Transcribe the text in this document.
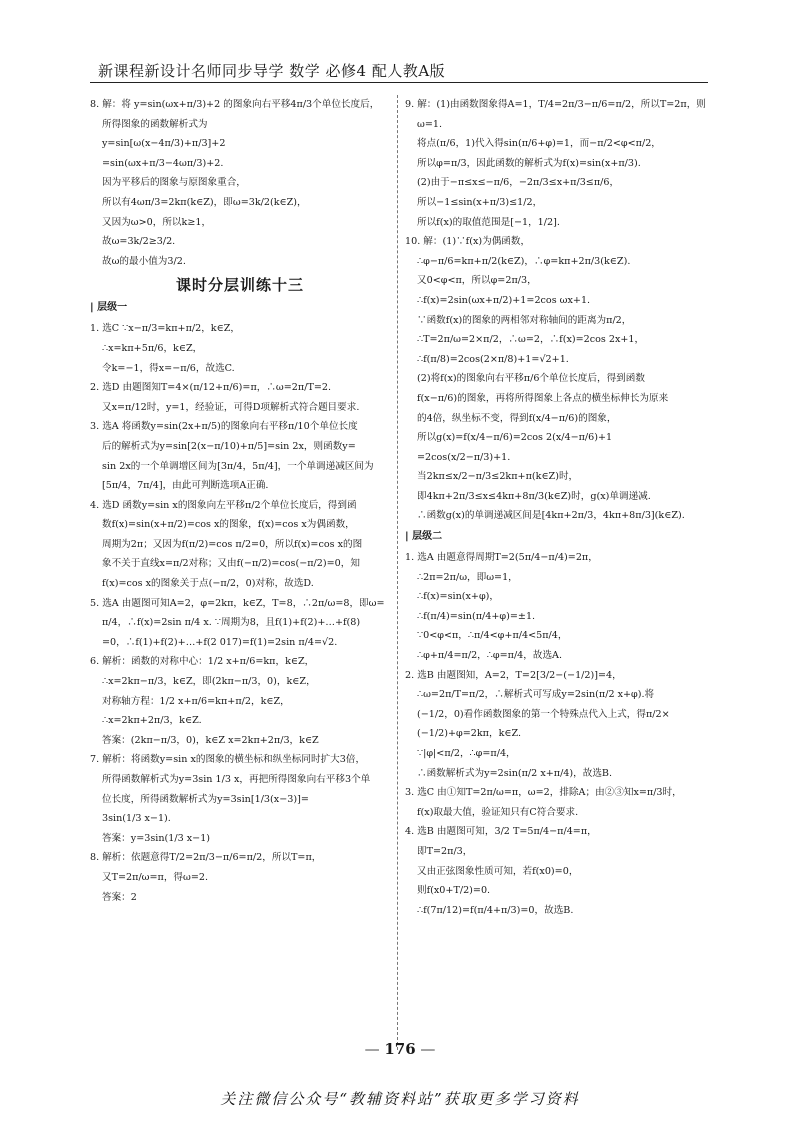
新课程新设计名师同步导学 数学 必修4 配人教A版
8. 解：将 y=sin(ωx+π/3)+2 的图象向右平移4π/3个单位长度后，
所得图象的函数解析式为
y=sin[ω(x−4π/3)+π/3]+2
=sin(ωx+π/3−4ωπ/3)+2.
因为平移后的图象与原图象重合，
所以有4ωπ/3=2kπ(k∈Z)，即ω=3k/2(k∈Z)，
又因为ω>0，所以k≥1，
故ω=3k/2≥3/2.
故ω的最小值为3/2.
课时分层训练十三
| 层级一
1. 选C ∵x−π/3=kπ+π/2，k∈Z，
∴x=kπ+5π/6，k∈Z，
令k=−1，得x=−π/6，故选C.
2. 选D 由题图知T=4×(π/12+π/6)=π，∴ω=2π/T=2.
又x=π/12时，y=1，经验证，可得D项解析式符合题目要求.
3. 选A 将函数y=sin(2x+π/5)的图象向右平移π/10个单位长度
后的解析式为y=sin[2(x−π/10)+π/5]=sin 2x，则函数y=
sin 2x的一个单调增区间为[3π/4，5π/4]，一个单调递减区间为
[5π/4，7π/4]，由此可判断选项A正确.
4. 选D 函数y=sin x的图象向左平移π/2个单位长度后，得到函
数f(x)=sin(x+π/2)=cos x的图象，f(x)=cos x为偶函数，
周期为2π；又因为f(π/2)=cos π/2=0，所以f(x)=cos x的图
象不关于直线x=π/2对称；又由f(−π/2)=cos(−π/2)=0，知
f(x)=cos x的图象关于点(−π/2，0)对称，故选D.
5. 选A 由题图可知A=2，φ=2kπ，k∈Z，T=8，∴2π/ω=8，即ω=
π/4，∴f(x)=2sin π/4 x. ∵周期为8，且f(1)+f(2)+…+f(8)
=0，∴f(1)+f(2)+…+f(2 017)=f(1)=2sin π/4=√2.
6. 解析：函数的对称中心：1/2 x+π/6=kπ，k∈Z，
∴x=2kπ−π/3，k∈Z，即(2kπ−π/3，0)，k∈Z，
对称轴方程：1/2 x+π/6=kπ+π/2，k∈Z，
∴x=2kπ+2π/3，k∈Z.
答案：(2kπ−π/3，0)，k∈Z x=2kπ+2π/3，k∈Z
7. 解析：将函数y=sin x的图象的横坐标和纵坐标同时扩大3倍，
所得函数解析式为y=3sin 1/3 x，再把所得图象向右平移3个单
位长度，所得函数解析式为y=3sin[1/3(x−3)]=
3sin(1/3 x−1).
答案：y=3sin(1/3 x−1)
8. 解析：依题意得T/2=2π/3−π/6=π/2，所以T=π，
又T=2π/ω=π，得ω=2.
答案：2
9. 解：(1)由函数图象得A=1，T/4=2π/3−π/6=π/2，所以T=2π，则
ω=1.
将点(π/6，1)代入得sin(π/6+φ)=1，而−π/2<φ<π/2，
所以φ=π/3，因此函数的解析式为f(x)=sin(x+π/3).
(2)由于−π≤x≤−π/6，−2π/3≤x+π/3≤π/6，
所以−1≤sin(x+π/3)≤1/2，
所以f(x)的取值范围是[−1，1/2].
10. 解：(1)∵f(x)为偶函数，
∴φ−π/6=kπ+π/2(k∈Z)，∴φ=kπ+2π/3(k∈Z).
又0<φ<π，所以φ=2π/3，
∴f(x)=2sin(ωx+π/2)+1=2cos ωx+1.
∵函数f(x)的图象的两相邻对称轴间的距离为π/2，
∴T=2π/ω=2×π/2，∴ω=2，∴f(x)=2cos 2x+1，
∴f(π/8)=2cos(2×π/8)+1=√2+1.
(2)将f(x)的图象向右平移π/6个单位长度后，得到函数
f(x−π/6)的图象，再将所得图象上各点的横坐标伸长为原来
的4倍，纵坐标不变，得到f(x/4−π/6)的图象，
所以g(x)=f(x/4−π/6)=2cos 2(x/4−π/6)+1
=2cos(x/2−π/3)+1.
当2kπ≤x/2−π/3≤2kπ+π(k∈Z)时，
即4kπ+2π/3≤x≤4kπ+8π/3(k∈Z)时，g(x)单调递减.
∴函数g(x)的单调递减区间是[4kπ+2π/3，4kπ+8π/3](k∈Z).
| 层级二
1. 选A 由题意得周期T=2(5π/4−π/4)=2π，
∴2π=2π/ω，即ω=1，
∴f(x)=sin(x+φ)，
∴f(π/4)=sin(π/4+φ)=±1.
∵0<φ<π，∴π/4<φ+π/4<5π/4，
∴φ+π/4=π/2，∴φ=π/4，故选A.
2. 选B 由题图知，A=2，T=2[3/2−(−1/2)]=4，
∴ω=2π/T=π/2，∴解析式可写成y=2sin(π/2 x+φ).将
(−1/2，0)看作函数图象的第一个特殊点代入上式，得π/2×
(−1/2)+φ=2kπ，k∈Z.
∵|φ|<π/2，∴φ=π/4，
∴函数解析式为y=2sin(π/2 x+π/4)，故选B.
3. 选C 由①知T=2π/ω=π，ω=2，排除A；由②③知x=π/3时，
f(x)取最大值，验证知只有C符合要求.
4. 选B 由题图可知，3/2 T=5π/4−π/4=π，
即T=2π/3，
又由正弦图象性质可知，若f(x0)=0，
则f(x0+T/2)=0.
∴f(7π/12)=f(π/4+π/3)=0，故选B.
— 176 —
关注微信公众号“教辅资料站”获取更多学习资料
